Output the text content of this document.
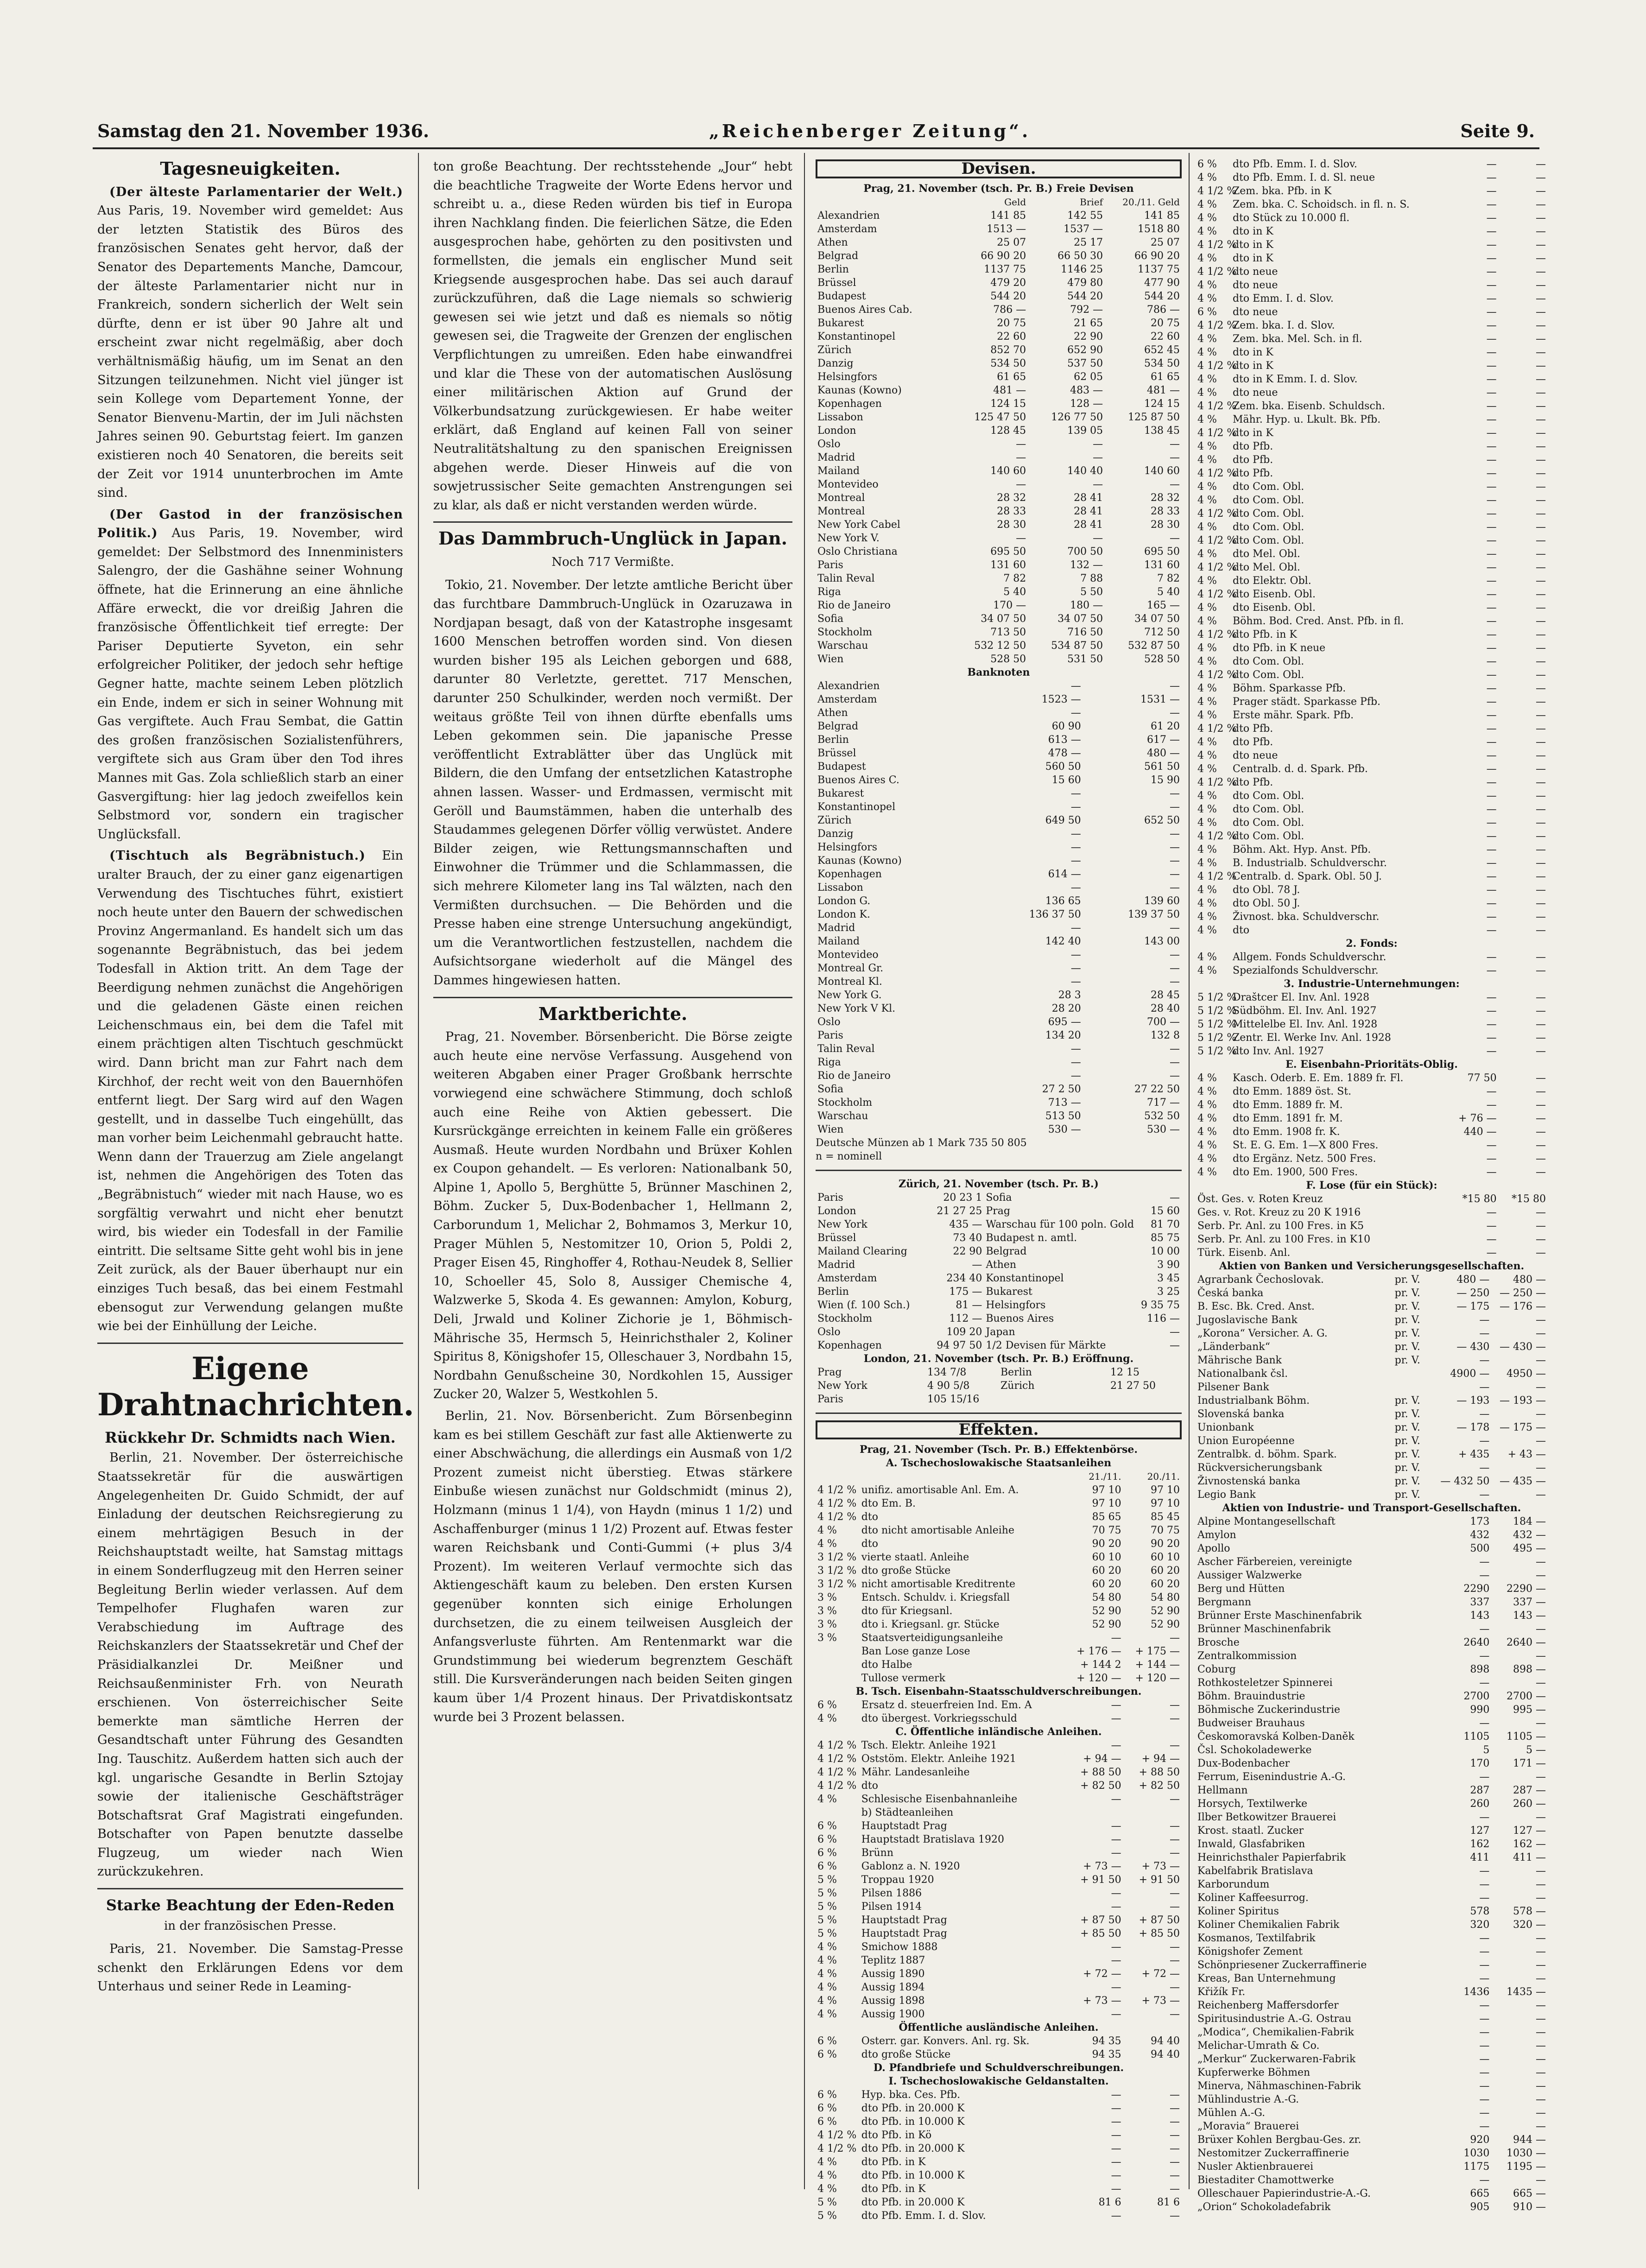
Samstag den 21. November 1936.	„Reichenberger Zeitung“.	Seite 9.
Tagesneuigkeiten.

(Der älteste Parlamentarier der Welt.) Aus Paris, 19. November wird gemeldet: Aus der letzten Statistik des Büros des französischen Senates geht hervor, daß der Senator des Departements Manche, Damcour, der älteste Parlamentarier nicht nur in Frankreich, sondern sicherlich der Welt sein dürfte, denn er ist über 90 Jahre alt und erscheint zwar nicht regelmäßig, aber doch verhältnismäßig häufig, um im Senat an den Sitzungen teilzunehmen. Nicht viel jünger ist sein Kollege vom Departement Yonne, der Senator Bienvenu-Martin, der im Juli nächsten Jahres seinen 90. Geburtstag feiert. Im ganzen existieren noch 40 Senatoren, die bereits seit der Zeit vor 1914 ununterbrochen im Amte sind.

(Der Gastod in der französischen Politik.) Aus Paris, 19. November, wird gemeldet: Der Selbstmord des Innenministers Salengro, der die Gashähne seiner Wohnung öffnete, hat die Erinnerung an eine ähnliche Affäre erweckt, die vor dreißig Jahren die französische Öffentlichkeit tief erregte: Der Pariser Deputierte Syveton, ein sehr erfolgreicher Politiker, der jedoch sehr heftige Gegner hatte, machte seinem Leben plötzlich ein Ende, indem er sich in seiner Wohnung mit Gas vergiftete. Auch Frau Sembat, die Gattin des großen französischen Sozialistenführers, vergiftete sich aus Gram über den Tod ihres Mannes mit Gas. Zola schließlich starb an einer Gasvergiftung: hier lag jedoch zweifellos kein Selbstmord vor, sondern ein tragischer Unglücksfall.

(Tischtuch als Begräbnistuch.) Ein uralter Brauch, der zu einer ganz eigenartigen Verwendung des Tischtuches führt, existiert noch heute unter den Bauern der schwedischen Provinz Angermanland. Es handelt sich um das sogenannte Begräbnistuch, das bei jedem Todesfall in Aktion tritt. An dem Tage der Beerdigung nehmen zunächst die Angehörigen und die geladenen Gäste einen reichen Leichenschmaus ein, bei dem die Tafel mit einem prächtigen alten Tischtuch geschmückt wird. Dann bricht man zur Fahrt nach dem Kirchhof, der recht weit von den Bauernhöfen entfernt liegt. Der Sarg wird auf den Wagen gestellt, und in dasselbe Tuch eingehüllt, das man vorher beim Leichenmahl gebraucht hatte. Wenn dann der Trauerzug am Ziele angelangt ist, nehmen die Angehörigen des Toten das „Begräbnistuch“ wieder mit nach Hause, wo es sorgfältig verwahrt und nicht eher benutzt wird, bis wieder ein Todesfall in der Familie eintritt. Die seltsame Sitte geht wohl bis in jene Zeit zurück, als der Bauer überhaupt nur ein einziges Tuch besaß, das bei einem Festmahl ebensogut zur Verwendung gelangen mußte wie bei der Einhüllung der Leiche.

Eigene Drahtnachrichten.
Rückkehr Dr. Schmidts nach Wien.

Berlin, 21. November. Der österreichische Staatssekretär für die auswärtigen Angelegenheiten Dr. Guido Schmidt, der auf Einladung der deutschen Reichsregierung zu einem mehrtägigen Besuch in der Reichshauptstadt weilte, hat Samstag mittags in einem Sonderflugzeug mit den Herren seiner Begleitung Berlin wieder verlassen. Auf dem Tempelhofer Flughafen waren zur Verabschiedung im Auftrage des Reichskanzlers der Staatssekretär und Chef der Präsidialkanzlei Dr. Meißner und Reichsaußenminister Frh. von Neurath erschienen. Von österreichischer Seite bemerkte man sämtliche Herren der Gesandtschaft unter Führung des Gesandten Ing. Tauschitz. Außerdem hatten sich auch der kgl. ungarische Gesandte in Berlin Sztojay sowie der italienische Geschäftsträger Botschaftsrat Graf Magistrati eingefunden. Botschafter von Papen benutzte dasselbe Flugzeug, um wieder nach Wien zurückzukehren.

Starke Beachtung der Eden-Reden
in der französischen Presse.

Paris, 21. November. Die Samstag-Presse schenkt den Erklärungen Edens vor dem Unterhaus und seiner Rede in Leaming-

ton große Beachtung. Der rechtsstehende „Jour“ hebt die beachtliche Tragweite der Worte Edens hervor und schreibt u. a., diese Reden würden bis tief in Europa ihren Nachklang finden. Die feierlichen Sätze, die Eden ausgesprochen habe, gehörten zu den positivsten und formellsten, die jemals ein englischer Mund seit Kriegsende ausgesprochen habe. Das sei auch darauf zurückzuführen, daß die Lage niemals so schwierig gewesen sei wie jetzt und daß es niemals so nötig gewesen sei, die Tragweite der Grenzen der englischen Verpflichtungen zu umreißen. Eden habe einwandfrei und klar die These von der automatischen Auslösung einer militärischen Aktion auf Grund der Völkerbundsatzung zurückgewiesen. Er habe weiter erklärt, daß England auf keinen Fall von seiner Neutralitätshaltung zu den spanischen Ereignissen abgehen werde. Dieser Hinweis auf die von sowjetrussischer Seite gemachten Anstrengungen sei zu klar, als daß er nicht verstanden werden würde.

Das Dammbruch-Unglück in Japan.
Noch 717 Vermißte.

Tokio, 21. November. Der letzte amtliche Bericht über das furchtbare Dammbruch-Unglück in Ozaruzawa in Nordjapan besagt, daß von der Katastrophe insgesamt 1600 Menschen betroffen worden sind. Von diesen wurden bisher 195 als Leichen geborgen und 688, darunter 80 Verletzte, gerettet. 717 Menschen, darunter 250 Schulkinder, werden noch vermißt. Der weitaus größte Teil von ihnen dürfte ebenfalls ums Leben gekommen sein. Die japanische Presse veröffentlicht Extrablätter über das Unglück mit Bildern, die den Umfang der entsetzlichen Katastrophe ahnen lassen. Wasser- und Erdmassen, vermischt mit Geröll und Baumstämmen, haben die unterhalb des Staudammes gelegenen Dörfer völlig verwüstet. Andere Bilder zeigen, wie Rettungsmannschaften und Einwohner die Trümmer und die Schlammassen, die sich mehrere Kilometer lang ins Tal wälzten, nach den Vermißten durchsuchen. — Die Behörden und die Presse haben eine strenge Untersuchung angekündigt, um die Verantwortlichen festzustellen, nachdem die Aufsichtsorgane wiederholt auf die Mängel des Dammes hingewiesen hatten.

Marktberichte.

Prag, 21. November. Börsenbericht. Die Börse zeigte auch heute eine nervöse Verfassung. Ausgehend von weiteren Abgaben einer Prager Großbank herrschte vorwiegend eine schwächere Stimmung, doch schloß auch eine Reihe von Aktien gebessert. Die Kursrückgänge erreichten in keinem Falle ein größeres Ausmaß. Heute wurden Nordbahn und Brüxer Kohlen ex Coupon gehandelt. — Es verloren: Nationalbank 50, Alpine 1, Apollo 5, Berghütte 5, Brünner Maschinen 2, Böhm. Zucker 5, Dux-Bodenbacher 1, Hellmann 2, Carborundum 1, Melichar 2, Bohmamos 3, Merkur 10, Prager Mühlen 5, Nestomitzer 10, Orion 5, Poldi 2, Prager Eisen 45, Ringhoffer 4, Rothau-Neudek 8, Sellier 10, Schoeller 45, Solo 8, Aussiger Chemische 4, Walzwerke 5, Skoda 4. Es gewannen: Amylon, Koburg, Deli, Jrwald und Koliner Zichorie je 1, Böhmisch-Mährische 35, Hermsch 5, Heinrichsthaler 2, Koliner Spiritus 8, Königshofer 15, Olleschauer 3, Nordbahn 15, Nordbahn Genußscheine 30, Nordkohlen 15, Aussiger Zucker 20, Walzer 5, Westkohlen 5.

Berlin, 21. Nov. Börsenbericht. Zum Börsenbeginn kam es bei stillem Geschäft zur fast alle Aktienwerte zu einer Abschwächung, die allerdings ein Ausmaß von 1/2 Prozent zumeist nicht überstieg. Etwas stärkere Einbuße wiesen zunächst nur Goldschmidt (minus 2), Holzmann (minus 1 1/4), von Haydn (minus 1 1/2) und Aschaffenburger (minus 1 1/2) Prozent auf. Etwas fester waren Reichsbank und Conti-Gummi (+ plus 3/4 Prozent). Im weiteren Verlauf vermochte sich das Aktiengeschäft kaum zu beleben. Den ersten Kursen gegenüber konnten sich einige Erholungen durchsetzen, die zu einem teilweisen Ausgleich der Anfangsverluste führten. Am Rentenmarkt war die Grundstimmung bei wiederum begrenztem Geschäft still. Die Kursveränderungen nach beiden Seiten gingen kaum über 1/4 Prozent hinaus. Der Privatdiskontsatz wurde bei 3 Prozent belassen.

Devisen.
Prag, 21. November (tsch. Pr. B.) Freie Devisen
	Geld	Brief	20./11. Geld
Alexandrien	141 85	142 55	141 85
Amsterdam	1513 —	1537 —	1518 80
Athen	25 07	25 17	25 07
Belgrad	66 90 20	66 50 30	66 90 20
Berlin	1137 75	1146 25	1137 75
Brüssel	479 20	479 80	477 90
Budapest	544 20	544 20	544 20
Buenos Aires Cab.	786 —	792 —	786 —
Bukarest	20 75	21 65	20 75
Konstantinopel	22 60	22 90	22 60
Zürich	852 70	652 90	652 45
Danzig	534 50	537 50	534 50
Helsingfors	61 65	62 05	61 65
Kaunas (Kowno)	481 —	483 —	481 —
Kopenhagen	124 15	128 —	124 15
Lissabon	125 47 50	126 77 50	125 87 50
London	128 45	139 05	138 45
Oslo	—	—	—
Madrid	—	—	—
Mailand	140 60	140 40	140 60
Montevideo	—	—	—
Montreal	28 32	28 41	28 32
Montreal	28 33	28 41	28 33
New York Cabel	28 30	28 41	28 30
New York V.	—	—	—
Oslo Christiana	695 50	700 50	695 50
Paris	131 60	132 —	131 60
Talin Reval	7 82	7 88	7 82
Riga	5 40	5 50	5 40
Rio de Janeiro	170 —	180 —	165 —
Sofia	34 07 50	34 07 50	34 07 50
Stockholm	713 50	716 50	712 50
Warschau	532 12 50	534 87 50	532 87 50
Wien	528 50	531 50	528 50
Banknoten
Alexandrien	—	—
Amsterdam	1523 —	1531 —
Athen	—	—
Belgrad	60 90	61 20
Berlin	613 —	617 —
Brüssel	478 —	480 —
Budapest	560 50	561 50
Buenos Aires C.	15 60	15 90
Bukarest	—	—
Konstantinopel	—	—
Zürich	649 50	652 50
Danzig	—	—
Helsingfors	—	—
Kaunas (Kowno)	—	—
Kopenhagen	614 —	—
Lissabon	—	—
London G.	136 65	139 60
London K.	136 37 50	139 37 50
Madrid	—	—
Mailand	142 40	143 00
Montevideo	—	—
Montreal Gr.	—	—
Montreal Kl.	—	—
New York G.	28 3	28 45
New York V Kl.	28 20	28 40
Oslo	695 —	700 —
Paris	134 20	132 8
Talin Reval	—	—
Riga	—	—
Rio de Janeiro	—	—
Sofia	27 2 50	27 22 50
Stockholm	713 —	717 —
Warschau	513 50	532 50
Wien	530 —	530 —
Deutsche Münzen ab 1 Mark 735 50 805
n = nominell
Zürich, 21. November (tsch. Pr. B.)
Paris	20 23 1	Sofia	—
London	21 27 25	Prag	15 60
New York	435 —	Warschau für 100 poln. Gold	81 70
Brüssel	73 40	Budapest n. amtl.	85 75
Mailand Clearing	22 90	Belgrad	10 00
Madrid	—	Athen	3 90
Amsterdam	234 40	Konstantinopel	3 45
Berlin	175 —	Bukarest	3 25
Wien (f. 100 Sch.)	81 —	Helsingfors	9 35 75
Stockholm	112 —	Buenos Aires	116 —
Oslo	109 20	Japan	—
Kopenhagen	94 97 50	1/2 Devisen für Märkte	—
London, 21. November (tsch. Pr. B.) Eröffnung.
Prag	134 7/8	Berlin	12 15
New York	4 90 5/8	Zürich	21 27 50
Paris	105 15/16		
Effekten.
Prag, 21. November (Tsch. Pr. B.) Effektenbörse.
A. Tschechoslowakische Staatsanleihen
		21./11.	20./11.
4 1/2 %	unifiz. amortisable Anl. Em. A.	97 10	97 10
4 1/2 %	dto Em. B.	97 10	97 10
4 1/2 %	dto	85 65	85 45
4 %	dto nicht amortisable Anleihe	70 75	70 75
4 %	dto	90 20	90 20
3 1/2 %	vierte staatl. Anleihe	60 10	60 10
3 1/2 %	dto große Stücke	60 20	60 20
3 1/2 %	nicht amortisable Kreditrente	60 20	60 20
3 %	Entsch. Schuldv. i. Kriegsfall	54 80	54 80
3 %	dto für Kriegsanl.	52 90	52 90
3 %	dto i. Kriegsanl. gr. Stücke	52 90	52 90
3 %	Staatsverteidigungsanleihe	—	—
	Ban Lose ganze Lose	+ 176 —	+ 175 —
	dto Halbe	+ 144 2	+ 144 —
	Tullose vermerk	+ 120 —	+ 120 —
B. Tsch. Eisenbahn-Staatsschuldverschreibungen.
6 %	Ersatz d. steuerfreien Ind. Em. A	—	—
4 %	dto übergest. Vorkriegsschuld	—	—
C. Öffentliche inländische Anleihen.
4 1/2 %	Tsch. Elektr. Anleihe 1921	—	—
4 1/2 %	Oststöm. Elektr. Anleihe 1921	+ 94 —	+ 94 —
4 1/2 %	Mähr. Landesanleihe	+ 88 50	+ 88 50
4 1/2 %	dto	+ 82 50	+ 82 50
4 %	Schlesische Eisenbahnanleihe	—	—
	b) Städteanleihen		
6 %	Hauptstadt Prag	—	—
6 %	Hauptstadt Bratislava 1920	—	—
6 %	Brünn	—	—
6 %	Gablonz a. N. 1920	+ 73 —	+ 73 —
5 %	Troppau 1920	+ 91 50	+ 91 50
5 %	Pilsen 1886	—	—
5 %	Pilsen 1914	—	—
5 %	Hauptstadt Prag	+ 87 50	+ 87 50
5 %	Hauptstadt Prag	+ 85 50	+ 85 50
4 %	Smichow 1888	—	—
4 %	Teplitz 1887	—	—
4 %	Aussig 1890	+ 72 —	+ 72 —
4 %	Aussig 1894	—	—
4 %	Aussig 1898	+ 73 —	+ 73 —
4 %	Aussig 1900	—	—
Öffentliche ausländische Anleihen.
6 %	Osterr. gar. Konvers. Anl. rg. Sk.	94 35	94 40
6 %	dto große Stücke	94 35	94 40
D. Pfandbriefe und Schuldverschreibungen.
I. Tschechoslowakische Geldanstalten.
6 %	Hyp. bka. Ces. Pfb.	—	—
6 %	dto Pfb. in 20.000 K	—	—
6 %	dto Pfb. in 10.000 K	—	—
4 1/2 %	dto Pfb. in Kö	—	—
4 1/2 %	dto Pfb. in 20.000 K	—	—
4 %	dto Pfb. in K	—	—
4 %	dto Pfb. in 10.000 K	—	—
4 %	dto Pfb. in K	—	—
5 %	dto Pfb. in 20.000 K	81 6	81 6
5 %	dto Pfb. Emm. I. d. Slov.	—	—
6 %	dto Pfb. Emm. I. d. Slov.	—	—
4 %	dto Pfb. Emm. I. d. Sl. neue	—	—
4 1/2 %	Zem. bka. Pfb. in K	—	—
4 %	Zem. bka. C. Schoidsch. in fl. n. S.	—	—
4 %	dto Stück zu 10.000 fl.	—	—
4 %	dto in K	—	—
4 1/2 %	dto in K	—	—
4 %	dto in K	—	—
4 1/2 %	dto neue	—	—
4 %	dto neue	—	—
4 %	dto Emm. I. d. Slov.	—	—
6 %	dto neue	—	—
4 1/2 %	Zem. bka. I. d. Slov.	—	—
4 %	Zem. bka. Mel. Sch. in fl.	—	—
4 %	dto in K	—	—
4 1/2 %	dto in K	—	—
4 %	dto in K Emm. I. d. Slov.	—	—
4 %	dto neue	—	—
4 1/2 %	Zem. bka. Eisenb. Schuldsch.	—	—
4 %	Mähr. Hyp. u. Lkult. Bk. Pfb.	—	—
4 1/2 %	dto in K	—	—
4 %	dto Pfb.	—	—
4 %	dto Pfb.	—	—
4 1/2 %	dto Pfb.	—	—
4 %	dto Com. Obl.	—	—
4 %	dto Com. Obl.	—	—
4 1/2 %	dto Com. Obl.	—	—
4 %	dto Com. Obl.	—	—
4 1/2 %	dto Com. Obl.	—	—
4 %	dto Mel. Obl.	—	—
4 1/2 %	dto Mel. Obl.	—	—
4 %	dto Elektr. Obl.	—	—
4 1/2 %	dto Eisenb. Obl.	—	—
4 %	dto Eisenb. Obl.	—	—
4 %	Böhm. Bod. Cred. Anst. Pfb. in fl.	—	—
4 1/2 %	dto Pfb. in K	—	—
4 %	dto Pfb. in K neue	—	—
4 %	dto Com. Obl.	—	—
4 1/2 %	dto Com. Obl.	—	—
4 %	Böhm. Sparkasse Pfb.	—	—
4 %	Prager städt. Sparkasse Pfb.	—	—
4 %	Erste mähr. Spark. Pfb.	—	—
4 1/2 %	dto Pfb.	—	—
4 %	dto Pfb.	—	—
4 %	dto neue	—	—
4 %	Centralb. d. d. Spark. Pfb.	—	—
4 1/2 %	dto Pfb.	—	—
4 %	dto Com. Obl.	—	—
4 %	dto Com. Obl.	—	—
4 %	dto Com. Obl.	—	—
4 1/2 %	dto Com. Obl.	—	—
4 %	Böhm. Akt. Hyp. Anst. Pfb.	—	—
4 %	B. Industrialb. Schuldverschr.	—	—
4 1/2 %	Centralb. d. Spark. Obl. 50 J.	—	—
4 %	dto Obl. 78 J.	—	—
4 %	dto Obl. 50 J.	—	—
4 %	Živnost. bka. Schuldverschr.	—	—
4 %	dto	—	—
2. Fonds:
4 %	Allgem. Fonds Schuldverschr.	—	—
4 %	Spezialfonds Schuldverschr.	—	—
3. Industrie-Unternehmungen:
5 1/2 %	Draštcer El. Inv. Anl. 1928	—	—
5 1/2 %	Südböhm. El. Inv. Anl. 1927	—	—
5 1/2 %	Mittelelbe El. Inv. Anl. 1928	—	—
5 1/2 %	Zentr. El. Werke Inv. Anl. 1928	—	—
5 1/2 %	dto Inv. Anl. 1927	—	—
E. Eisenbahn-Prioritäts-Oblig.
4 %	Kasch. Oderb. E. Em. 1889 fr. Fl.	77 50	—
4 %	dto Emm. 1889 öst. St.	—	—
4 %	dto Emm. 1889 fr. M.	—	—
4 %	dto Emm. 1891 fr. M.	+ 76 —	—
4 %	dto Emm. 1908 fr. K.	440 —	—
4 %	St. E. G. Em. 1—X 800 Fres.	—	—
4 %	dto Ergänz. Netz. 500 Fres.	—	—
4 %	dto Em. 1900, 500 Fres.	—	—
F. Lose (für ein Stück):
Öst. Ges. v. Roten Kreuz	*15 80	*15 80
Ges. v. Rot. Kreuz zu 20 K 1916	—	—
Serb. Pr. Anl. zu 100 Fres. in K5	—	—
Serb. Pr. Anl. zu 100 Fres. in K10	—	—
Türk. Eisenb. Anl.	—	—
Aktien von Banken und Versicherungsgesellschaften.
Agrarbank Čechoslovak.	pr. V.	480 —	480 —
Česká banka	pr. V.	— 250	— 250 —
B. Esc. Bk. Cred. Anst.	pr. V.	— 175	— 176 —
Jugoslavische Bank	pr. V.	—	—
„Korona“ Versicher. A. G.	pr. V.	—	—
„Länderbank“	pr. V.	— 430	— 430 —
Mährische Bank	pr. V.	—	—
Nationalbank čsl.		4900 —	4950 —
Pilsener Bank		—	—
Industrialbank Böhm.	pr. V.	— 193	— 193 —
Slovenská banka	pr. V.	—	—
Unionbank	pr. V.	— 178	— 175 —
Union Européenne	pr. V.	—	—
Zentralbk. d. böhm. Spark.	pr. V.	+ 435	+ 43 —
Rückversicherungsbank	pr. V.	—	—
Živnostenská banka	pr. V.	— 432 50	— 435 —
Legio Bank	pr. V.	—	—
Aktien von Industrie- und Transport-Gesellschaften.
Alpine Montangesellschaft	173	184 —
Amylon	432	432 —
Apollo	500	495 —
Ascher Färbereien, vereinigte	—	—
Aussiger Walzwerke	—	—
Berg und Hütten	2290	2290 —
Bergmann	337	337 —
Brünner Erste Maschinenfabrik	143	143 —
Brünner Maschinenfabrik	—	—
Brosche	2640	2640 —
Zentralkommission	—	—
Coburg	898	898 —
Rothkosteletzer Spinnerei	—	—
Böhm. Brauindustrie	2700	2700 —
Böhmische Zuckerindustrie	990	995 —
Budweiser Brauhaus	—	—
Českomoravská Kolben-Daněk	1105	1105 —
Čsl. Schokoladewerke	5	5 —
Dux-Bodenbacher	170	171 —
Ferrum, Eisenindustrie A.-G.	—	—
Hellmann	287	287 —
Horsych, Textilwerke	260	260 —
Ilber Betkowitzer Brauerei	—	—
Krost. staatl. Zucker	127	127 —
Inwald, Glasfabriken	162	162 —
Heinrichsthaler Papierfabrik	411	411 —
Kabelfabrik Bratislava	—	—
Karborundum	—	—
Koliner Kaffeesurrog.	—	—
Koliner Spiritus	578	578 —
Koliner Chemikalien Fabrik	320	320 —
Kosmanos, Textilfabrik	—	—
Königshofer Zement	—	—
Schönpriesener Zuckerraffinerie	—	—
Kreas, Ban Unternehmung	—	—
Křižík Fr.	1436	1435 —
Reichenberg Maffersdorfer	—	—
Spiritusindustrie A.-G. Ostrau	—	—
„Modica“, Chemikalien-Fabrik	—	—
Melichar-Umrath & Co.	—	—
„Merkur“ Zuckerwaren-Fabrik	—	—
Kupferwerke Böhmen	—	—
Minerva, Nähmaschinen-Fabrik	—	—
Mühlindustrie A.-G.	—	—
Mühlen A.-G.	—	—
„Moravia“ Brauerei	—	—
Brüxer Kohlen Bergbau-Ges. zr.	920	944 —
Nestomitzer Zuckerraffinerie	1030	1030 —
Nusler Aktienbrauerei	1175	1195 —
Biestaditer Chamottwerke	—	—
Olleschauer Papierindustrie-A.-G.	665	665 —
„Orion“ Schokoladefabrik	905	910 —
